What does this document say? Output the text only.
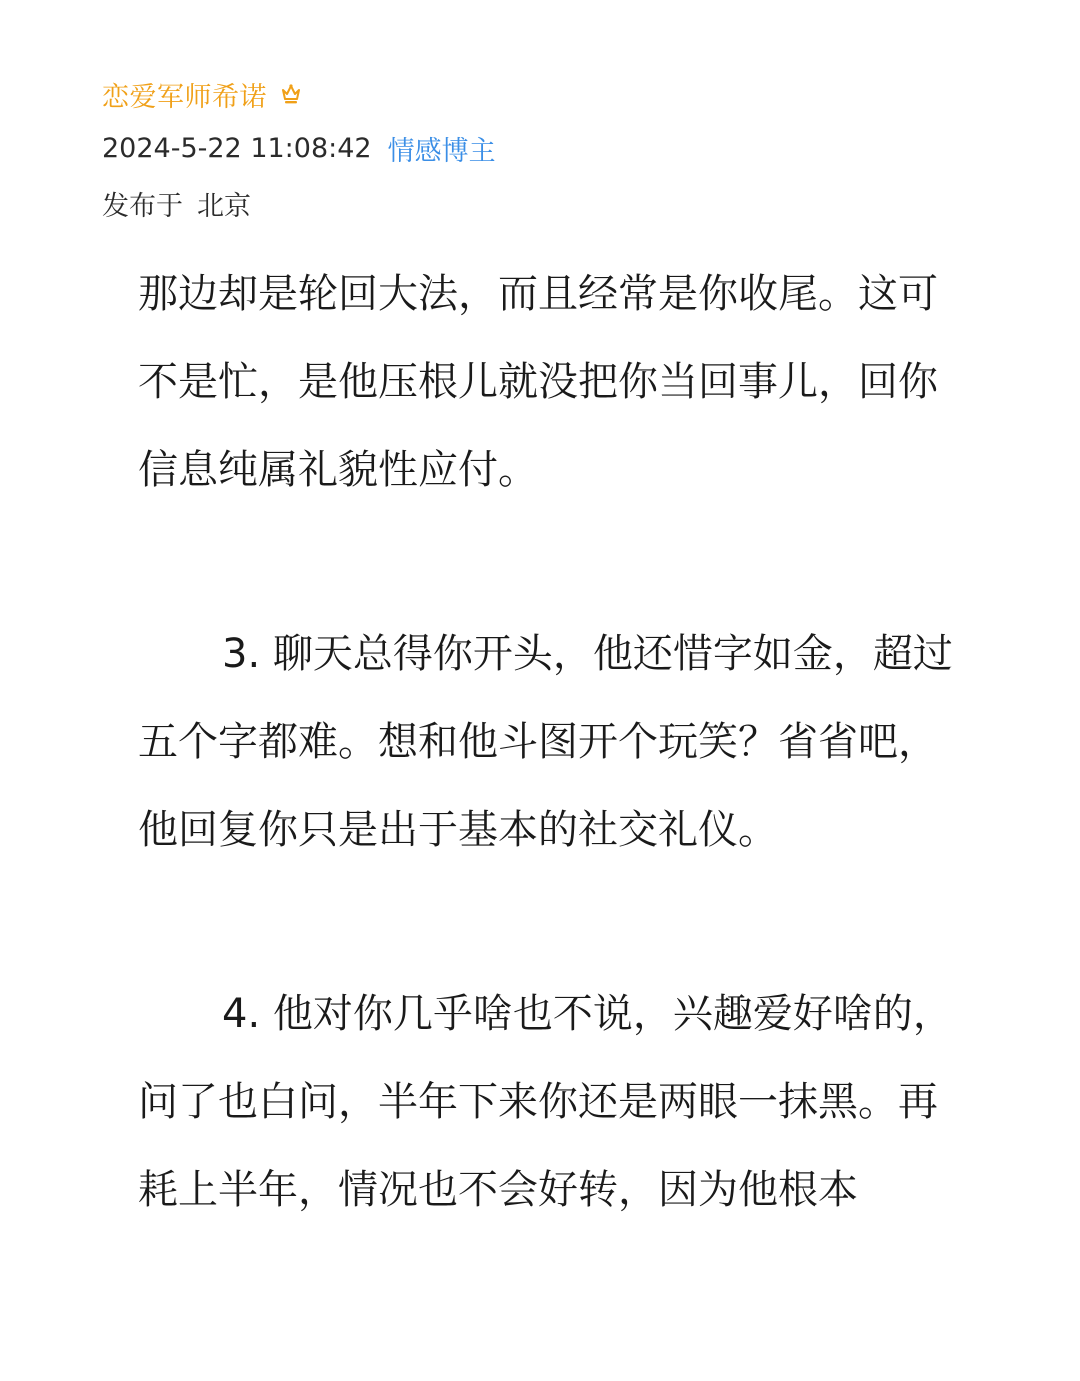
恋爱军师希诺
2024-5-22 11:08:42 情感博主
发布于 北京

那边却是轮回大法，而且经常是你收尾。这可不是忙，是他压根儿就没把你当回事儿，回你信息纯属礼貌性应付。

3. 聊天总得你开头，他还惜字如金，超过五个字都难。想和他斗图开个玩笑？省省吧，他回复你只是出于基本的社交礼仪。

4. 他对你几乎啥也不说，兴趣爱好啥的，问了也白问，半年下来你还是两眼一抹黑。再耗上半年，情况也不会好转，因为他根本
